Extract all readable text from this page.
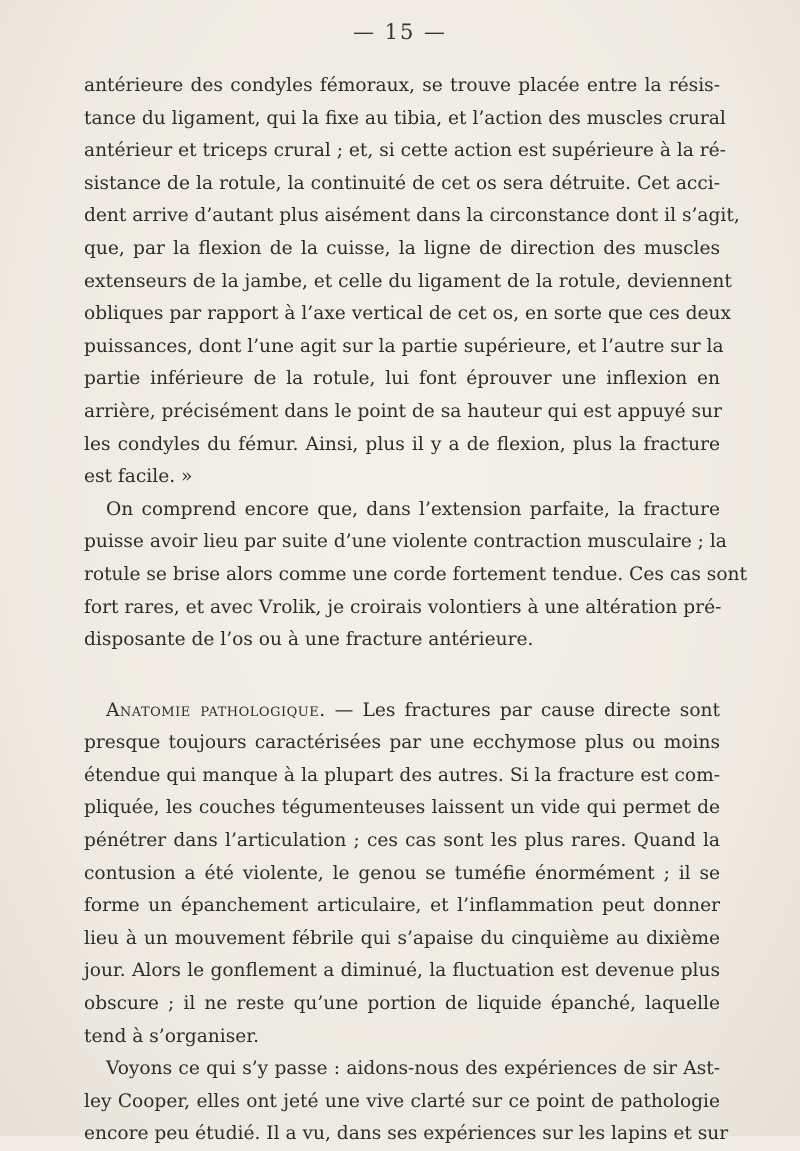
— 15 —
antérieure des condyles fémoraux, se trouve placée entre la résis-
tance du ligament, qui la fixe au tibia, et l’action des muscles crural
antérieur et triceps crural ; et, si cette action est supérieure à la ré-
sistance de la rotule, la continuité de cet os sera détruite. Cet acci-
dent arrive d’autant plus aisément dans la circonstance dont il s’agit,
que, par la flexion de la cuisse, la ligne de direction des muscles
extenseurs de la jambe, et celle du ligament de la rotule, deviennent
obliques par rapport à l’axe vertical de cet os, en sorte que ces deux
puissances, dont l’une agit sur la partie supérieure, et l’autre sur la
partie inférieure de la rotule, lui font éprouver une inflexion en
arrière, précisément dans le point de sa hauteur qui est appuyé sur
les condyles du fémur. Ainsi, plus il y a de flexion, plus la fracture
est facile. »
On comprend encore que, dans l’extension parfaite, la fracture
puisse avoir lieu par suite d’une violente contraction musculaire ; la
rotule se brise alors comme une corde fortement tendue. Ces cas sont
fort rares, et avec Vrolik, je croirais volontiers à une altération pré-
disposante de l’os ou à une fracture antérieure.
Anatomie pathologique. — Les fractures par cause directe sont
presque toujours caractérisées par une ecchymose plus ou moins
étendue qui manque à la plupart des autres. Si la fracture est com-
pliquée, les couches tégumenteuses laissent un vide qui permet de
pénétrer dans l’articulation ; ces cas sont les plus rares. Quand la
contusion a été violente, le genou se tuméfie énormément ; il se
forme un épanchement articulaire, et l’inflammation peut donner
lieu à un mouvement fébrile qui s’apaise du cinquième au dixième
jour. Alors le gonflement a diminué, la fluctuation est devenue plus
obscure ; il ne reste qu’une portion de liquide épanché, laquelle
tend à s’organiser.
Voyons ce qui s’y passe : aidons-nous des expériences de sir Ast-
ley Cooper, elles ont jeté une vive clarté sur ce point de pathologie
encore peu étudié. Il a vu, dans ses expériences sur les lapins et sur
